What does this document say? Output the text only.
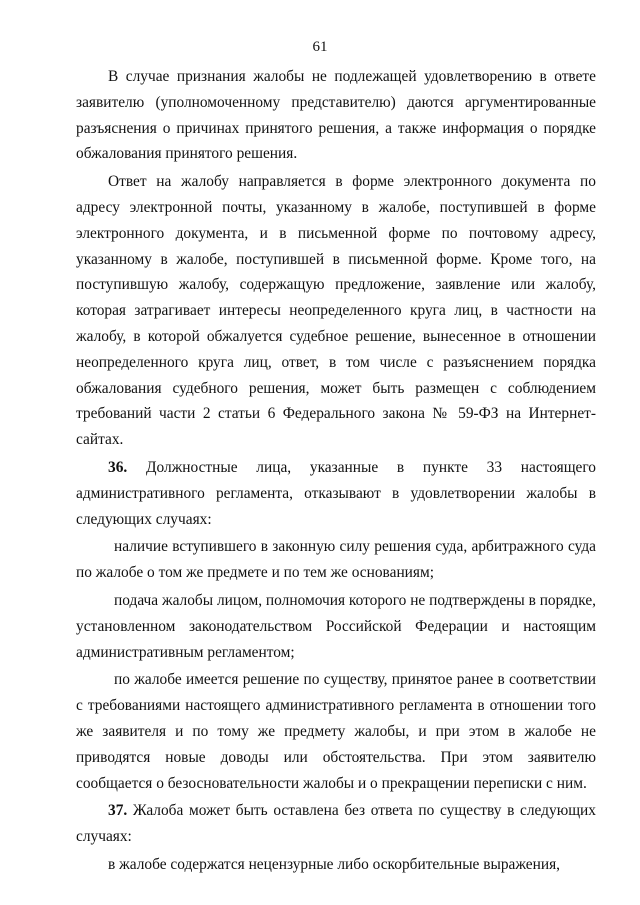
61

В случае признания жалобы не подлежащей удовлетворению в ответе заявителю (уполномоченному представителю) даются аргументированные разъяснения о причинах принятого решения, а также информация о порядке обжалования принятого решения.

Ответ на жалобу направляется в форме электронного документа по адресу электронной почты, указанному в жалобе, поступившей в форме электронного документа, и в письменной форме по почтовому адресу, указанному в жалобе, поступившей в письменной форме. Кроме того, на поступившую жалобу, содержащую предложение, заявление или жалобу, которая затрагивает интересы неопределенного круга лиц, в частности на жалобу, в которой обжалуется судебное решение, вынесенное в отношении неопределенного круга лиц, ответ, в том числе с разъяснением порядка обжалования судебного решения, может быть размещен с соблюдением требований части 2 статьи 6 Федерального закона № 59-ФЗ на Интернет-сайтах.

36. Должностные лица, указанные в пункте 33 настоящего административного регламента, отказывают в удовлетворении жалобы в следующих случаях:

наличие вступившего в законную силу решения суда, арбитражного суда по жалобе о том же предмете и по тем же основаниям;

подача жалобы лицом, полномочия которого не подтверждены в порядке, установленном законодательством Российской Федерации и настоящим административным регламентом;

по жалобе имеется решение по существу, принятое ранее в соответствии с требованиями настоящего административного регламента в отношении того же заявителя и по тому же предмету жалобы, и при этом в жалобе не приводятся новые доводы или обстоятельства. При этом заявителю сообщается о безосновательности жалобы и о прекращении переписки с ним.

37. Жалоба может быть оставлена без ответа по существу в следующих случаях:

в жалобе содержатся нецензурные либо оскорбительные выражения,
